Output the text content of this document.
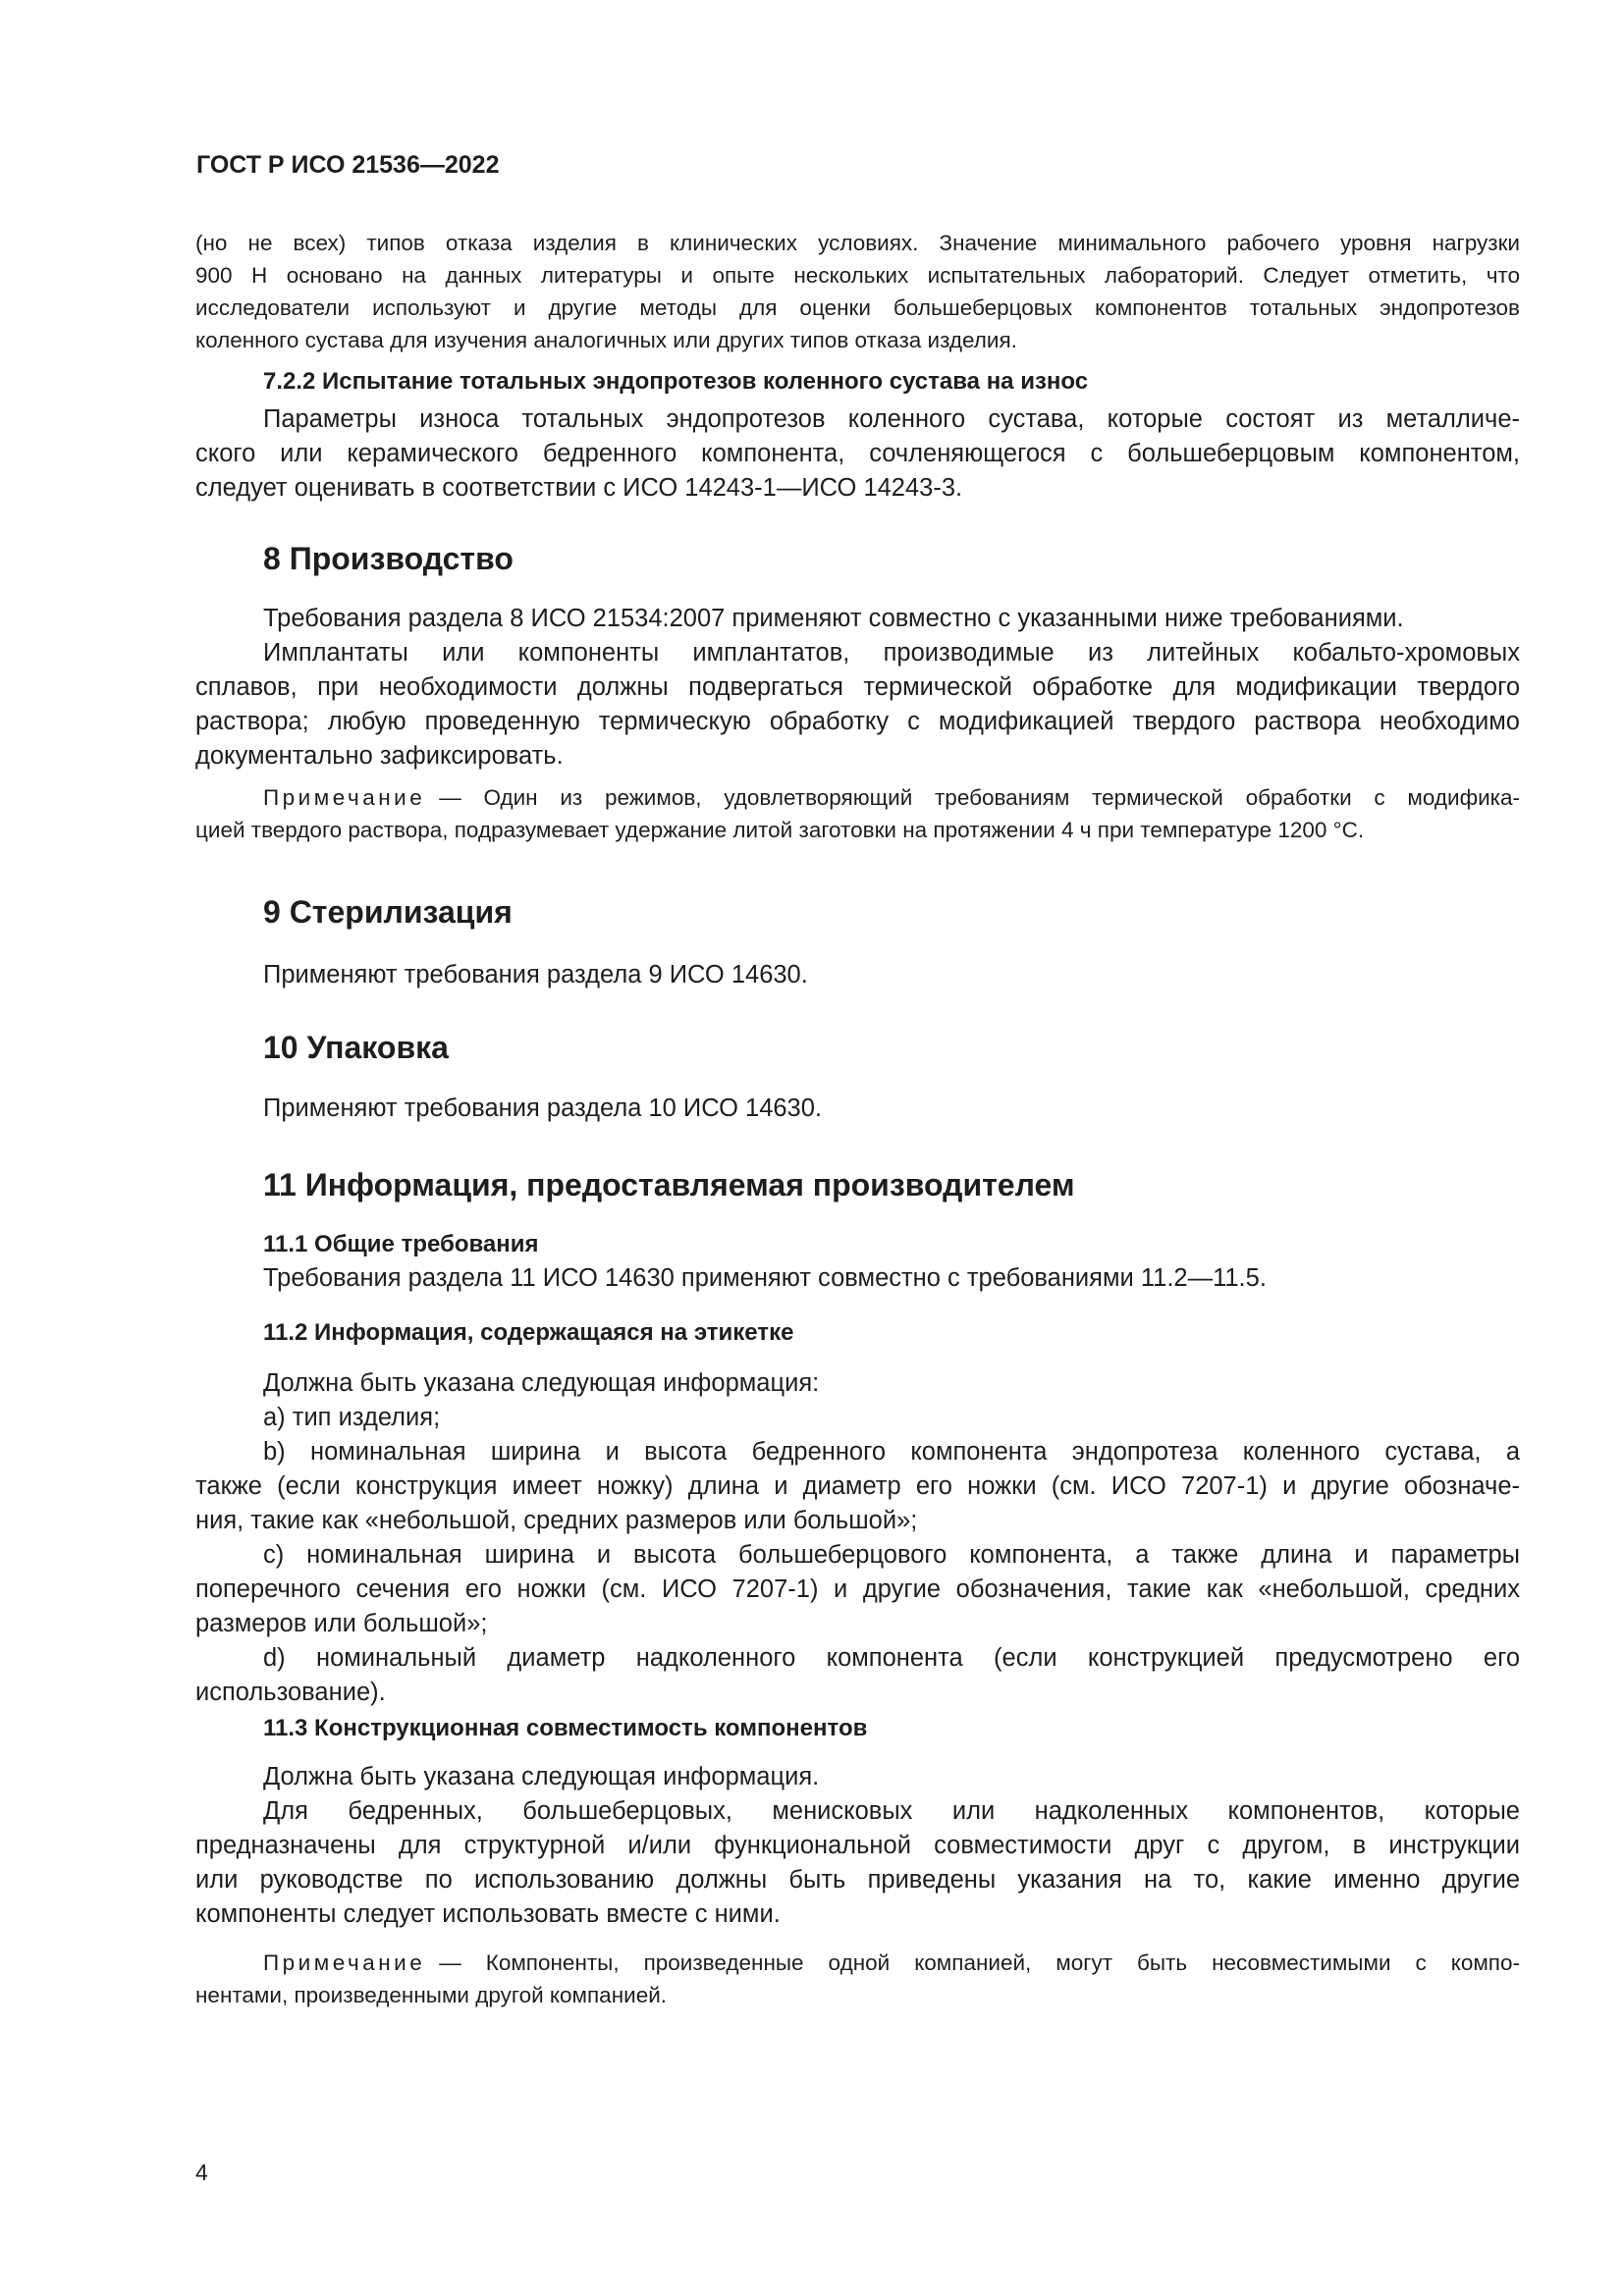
ГОСТ Р ИСО 21536—2022
(но не всех) типов отказа изделия в клинических условиях. Значение минимального рабочего уровня нагрузки
900 Н основано на данных литературы и опыте нескольких испытательных лабораторий. Следует отметить, что
исследователи используют и другие методы для оценки большеберцовых компонентов тотальных эндопротезов
коленного сустава для изучения аналогичных или других типов отказа изделия.
7.2.2 Испытание тотальных эндопротезов коленного сустава на износ
Параметры износа тотальных эндопротезов коленного сустава, которые состоят из металличе-
ского или керамического бедренного компонента, сочленяющегося с большеберцовым компонентом,
следует оценивать в соответствии с ИСО 14243-1—ИСО 14243-3.
8 Производство
Требования раздела 8 ИСО 21534:2007 применяют совместно с указанными ниже требованиями.
Имплантаты или компоненты имплантатов, производимые из литейных кобальто-хромовых
сплавов, при необходимости должны подвергаться термической обработке для модификации твердого
раствора; любую проведенную термическую обработку с модификацией твердого раствора необходимо
документально зафиксировать.
Примечание — Один из режимов, удовлетворяющий требованиям термической обработки с модифика-
цией твердого раствора, подразумевает удержание литой заготовки на протяжении 4 ч при температуре 1200 °С.
9 Стерилизация
Применяют требования раздела 9 ИСО 14630.
10 Упаковка
Применяют требования раздела 10 ИСО 14630.
11 Информация, предоставляемая производителем
11.1 Общие требования
Требования раздела 11 ИСО 14630 применяют совместно с требованиями 11.2—11.5.
11.2 Информация, содержащаяся на этикетке
Должна быть указана следующая информация:
a) тип изделия;
b) номинальная ширина и высота бедренного компонента эндопротеза коленного сустава, а
также (если конструкция имеет ножку) длина и диаметр его ножки (см. ИСО 7207-1) и другие обозначе-
ния, такие как «небольшой, средних размеров или большой»;
c) номинальная ширина и высота большеберцового компонента, а также длина и параметры
поперечного сечения его ножки (см. ИСО 7207-1) и другие обозначения, такие как «небольшой, средних
размеров или большой»;
d) номинальный диаметр надколенного компонента (если конструкцией предусмотрено его
использование).
11.3 Конструкционная совместимость компонентов
Должна быть указана следующая информация.
Для бедренных, большеберцовых, менисковых или надколенных компонентов, которые
предназначены для структурной и/или функциональной совместимости друг с другом, в инструкции
или руководстве по использованию должны быть приведены указания на то, какие именно другие
компоненты следует использовать вместе с ними.
Примечание — Компоненты, произведенные одной компанией, могут быть несовместимыми с компо-
нентами, произведенными другой компанией.
4
